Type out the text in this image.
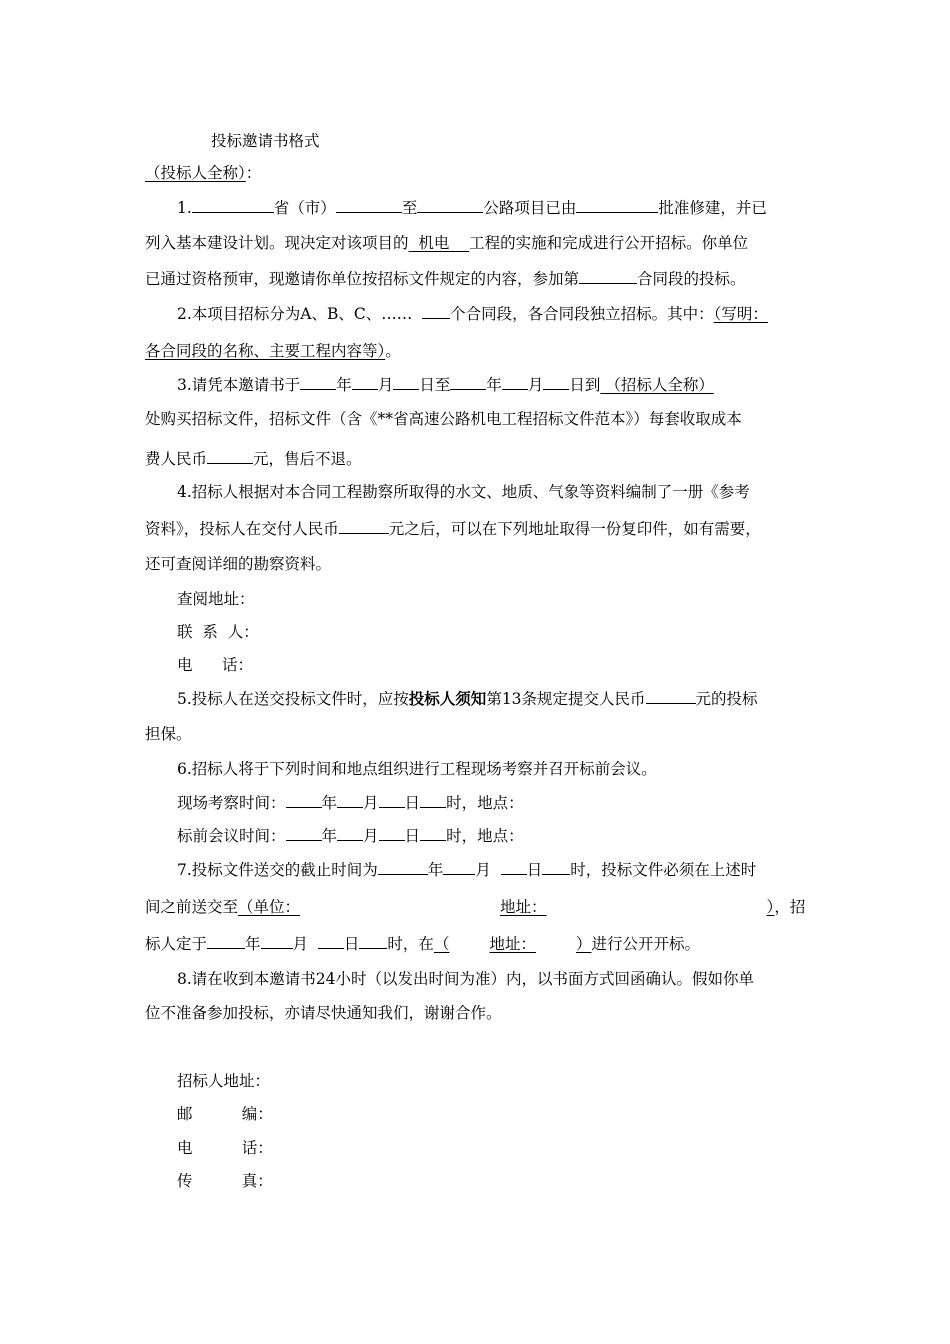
投标邀请书格式
（投标人全称）：
1.	省（市）	至	公路项目已由	批准修建，并已
列入基本建设计划。现决定对该项目的 机电 工程的实施和完成进行公开招标。你单位
已通过资格预审，现邀请你单位按招标文件规定的内容，参加第	合同段的投标。
2.本项目招标分为A、B、C、…… 个合同段，各合同段独立招标。其中：（写明：
各合同段的名称、主要工程内容等）。
3.请凭本邀请书于 年 月 日至 年 月 日到 （招标人全称）
处购买招标文件，招标文件（含《**省高速公路机电工程招标文件范本》）每套收取成本
费人民币	元，售后不退。
4.招标人根据对本合同工程勘察所取得的水文、地质、气象等资料编制了一册《参考
资料》，投标人在交付人民币	元之后，可以在下列地址取得一份复印件，如有需要，
还可查阅详细的勘察资料。
查阅地址：
联  系  人：
电      话：
5.投标人在送交投标文件时，应按投标人须知第13条规定提交人民币	元的投标
担保。
6.招标人将于下列时间和地点组织进行工程现场考察并召开标前会议。
现场考察时间： 年 月 日 时，地点：
标前会议时间： 年 月 日 时，地点：
7.投标文件送交的截止时间为	年 月 日 时，投标文件必须在上述时
间之前送交至（单位：	地址：	），招
标人定于 年 月 日 时，在（	地址：	）进行公开开标。
8.请在收到本邀请书24小时（以发出时间为准）内，以书面方式回函确认。假如你单
位不准备参加投标，亦请尽快通知我们，谢谢合作。
招标人地址：
邮          编：
电          话：
传          真：
